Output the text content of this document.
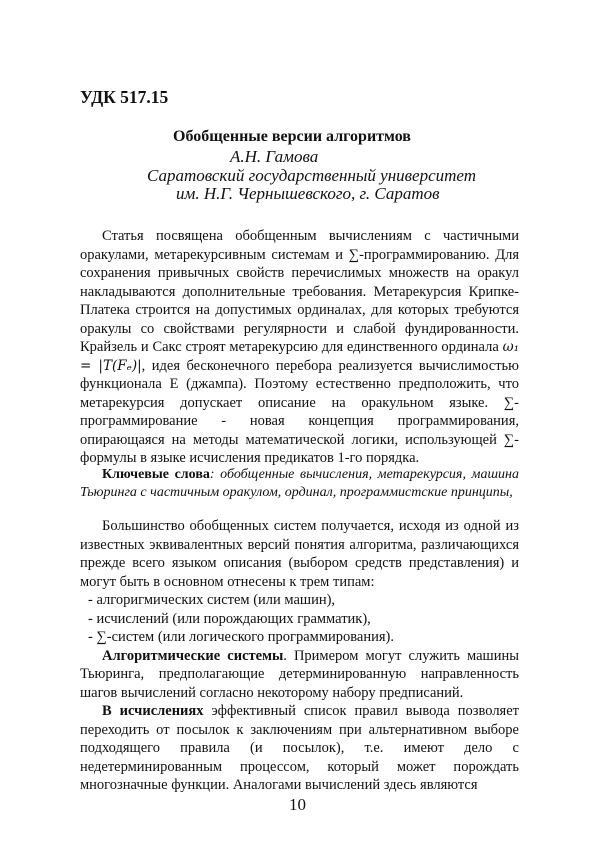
УДК 517.15
Обобщенные версии алгоритмов
А.Н. Гамова
Саратовский государственный университет
им. Н.Г. Чернышевского, г. Саратов

Статья посвящена обобщенным вычислениям с частичными оракулами, метарекурсивным системам и ∑-программированию. Для сохранения привычных свойств перечислимых множеств на оракул накладываются дополнительные требования. Метарекурсия Крипке-Платека строится на допустимых ординалах, для которых требуются оракулы со свойствами регулярности и слабой фундированности. Крайзель и Сакс строят метарекурсию для единственного ординала ω₁ = |T(Fₑ)|, идея бесконечного перебора реализуется вычислимостью функционала E (джампа). Поэтому естественно предположить, что метарекурсия допускает описание на оракульном языке. ∑- программирование - новая концепция программирования, опирающаяся на методы математической логики, использующей ∑- формулы в языке исчисления предикатов 1-го порядка.

Ключевые слова: обобщенные вычисления, метарекурсия, машина Тьюринга с частичным оракулом, ординал, программистские принципы,

Большинство обобщенных систем получается, исходя из одной из известных эквивалентных версий понятия алгоритма, различающихся прежде всего языком описания (выбором средств представления) и могут быть в основном отнесены к трем типам:

- алгоригмических систем (или машин),
- исчислений (или порождающих грамматик),
- ∑-систем (или логического программирования).

Алгоритмические системы. Примером могут служить машины Тьюринга, предполагающие детерминированную направленность шагов вычислений согласно некоторому набору предписаний.

В исчислениях эффективный список правил вывода позволяет переходить от посылок к заключениям при альтернативном выборе подходящего правила (и посылок), т.е. имеют дело с недетерминированным процессом, который может порождать многозначные функции. Аналогами вычислений здесь являются

10
